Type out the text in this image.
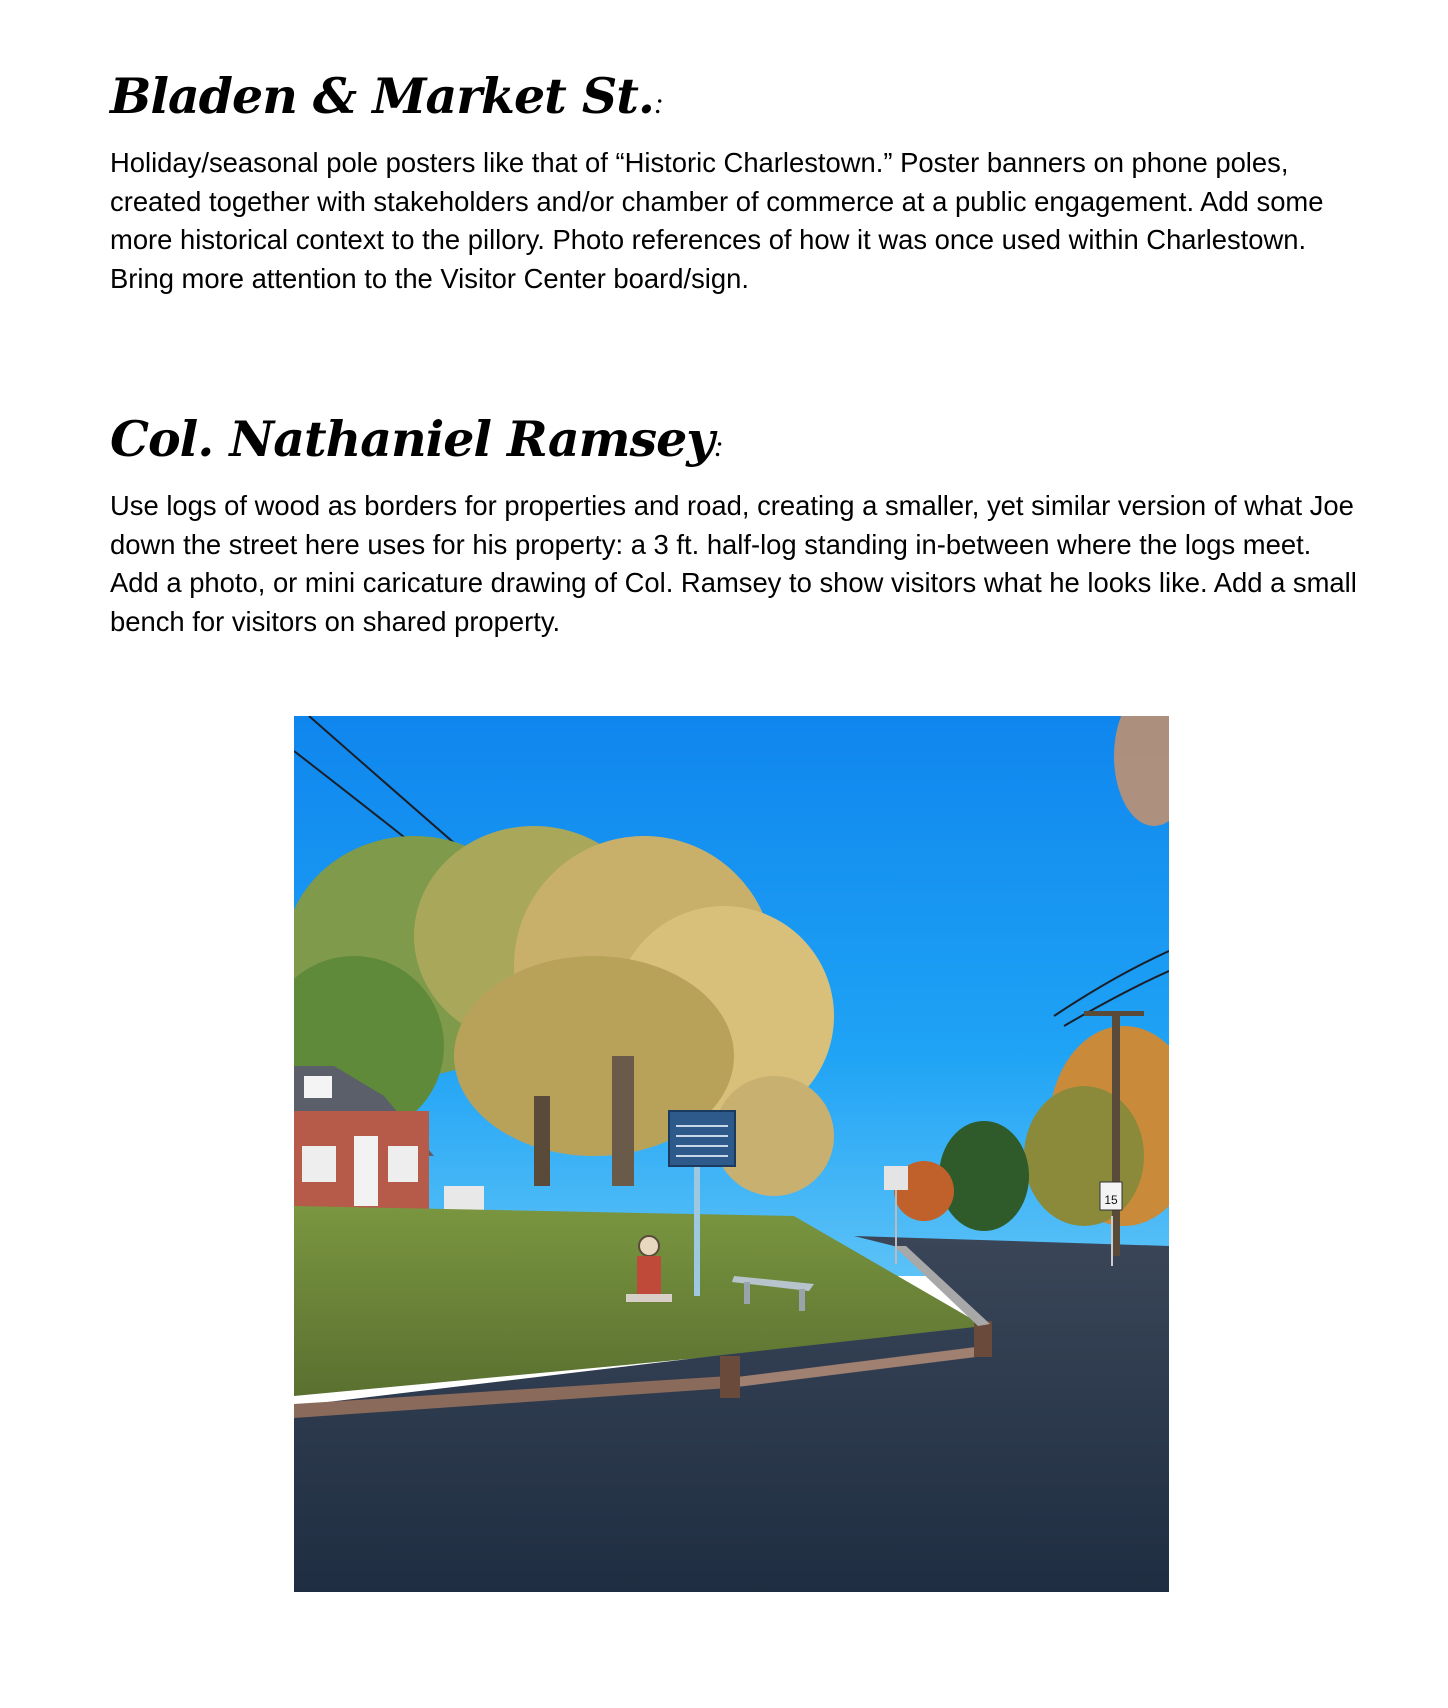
Bladen & Market St.:

Holiday/seasonal pole posters like that of “Historic Charlestown.” Poster banners on phone poles, created together with stakeholders and/or chamber of commerce at a public engagement. Add some more historical context to the pillory. Photo references of how it was once used within Charlestown. Bring more attention to the Visitor Center board/sign.

Col. Nathaniel Ramsey:

Use logs of wood as borders for properties and road, creating a smaller, yet similar version of what Joe down the street here uses for his property: a 3 ft. half-log standing in-between where the logs meet. Add a photo, or mini caricature drawing of Col. Ramsey to show visitors what he looks like. Add a small bench for visitors on shared property.

15
